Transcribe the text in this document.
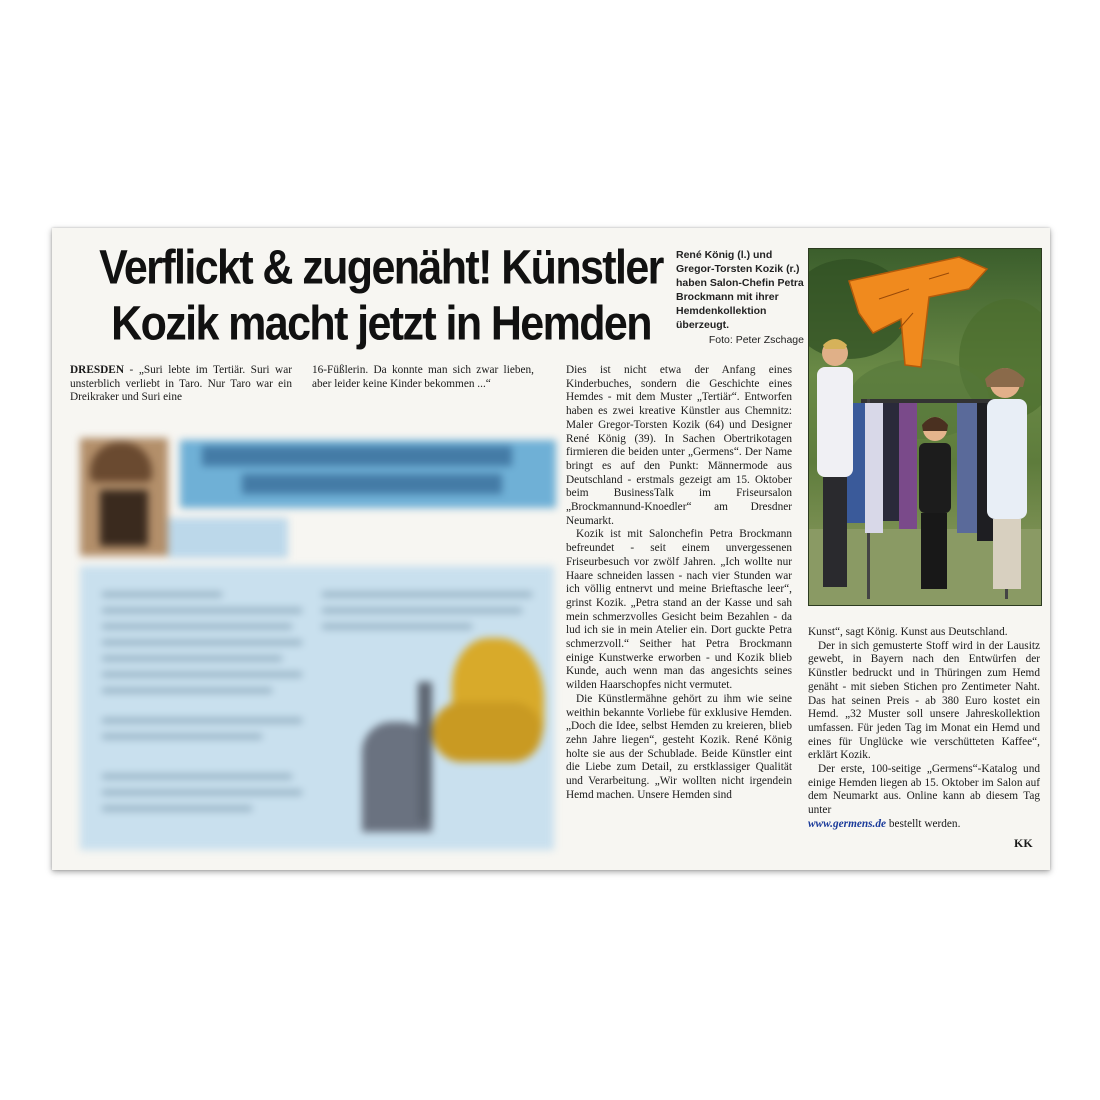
Verflickt & zugenäht! Künstler
Kozik macht jetzt in Hemden
René König (l.) und Gregor-Torsten Kozik (r.) haben Salon-Chefin Petra Brockmann mit ihrer Hemdenkollektion überzeugt.
Foto: Peter Zschage

DRESDEN - „Suri lebte im Tertiär. Suri war unsterblich verliebt in Taro. Nur Taro war ein Dreikraker und Suri eine

16-Füßlerin. Da konnte man sich zwar lieben, aber leider keine Kinder bekommen ...“

Dies ist nicht etwa der Anfang eines Kinderbuches, sondern die Geschichte eines Hemdes - mit dem Muster „Tertiär“. Entworfen haben es zwei kreative Künstler aus Chemnitz: Maler Gregor-Torsten Kozik (64) und Designer René König (39). In Sachen Obertrikotagen firmieren die beiden unter „Germens“. Der Name bringt es auf den Punkt: Männermode aus Deutschland - erstmals gezeigt am 15. Oktober beim BusinessTalk im Friseursalon „Brockmannund-Knoedler“ am Dresdner Neumarkt.

Kozik ist mit Salonchefin Petra Brockmann befreundet - seit einem unvergessenen Friseurbesuch vor zwölf Jahren. „Ich wollte nur Haare schneiden lassen - nach vier Stunden war ich völlig entnervt und meine Brieftasche leer“, grinst Kozik. „Petra stand an der Kasse und sah mein schmerzvolles Gesicht beim Bezahlen - da lud ich sie in mein Atelier ein. Dort guckte Petra schmerzvoll.“ Seither hat Petra Brockmann einige Kunstwerke erworben - und Kozik blieb Kunde, auch wenn man das angesichts seines wilden Haarschopfes nicht vermutet.

Die Künstlermähne gehört zu ihm wie seine weithin bekannte Vorliebe für exklusive Hemden. „Doch die Idee, selbst Hemden zu kreieren, blieb zehn Jahre liegen“, gesteht Kozik. René König holte sie aus der Schublade. Beide Künstler eint die Liebe zum Detail, zu erstklassiger Qualität und Verarbeitung. „Wir wollten nicht irgendein Hemd machen. Unsere Hemden sind

Kunst“, sagt König. Kunst aus Deutschland.

Der in sich gemusterte Stoff wird in der Lausitz gewebt, in Bayern nach den Entwürfen der Künstler bedruckt und in Thüringen zum Hemd genäht - mit sieben Stichen pro Zentimeter Naht. Das hat seinen Preis - ab 380 Euro kostet ein Hemd. „32 Muster soll unsere Jahreskollektion umfassen. Für jeden Tag im Monat ein Hemd und eines für Unglücke wie verschütteten Kaffee“, erklärt Kozik.

Der erste, 100-seitige „Germens“-Katalog und einige Hemden liegen ab 15. Oktober im Salon auf dem Neumarkt aus. Online kann ab diesem Tag unter
www.germens.de bestellt werden.

KK
